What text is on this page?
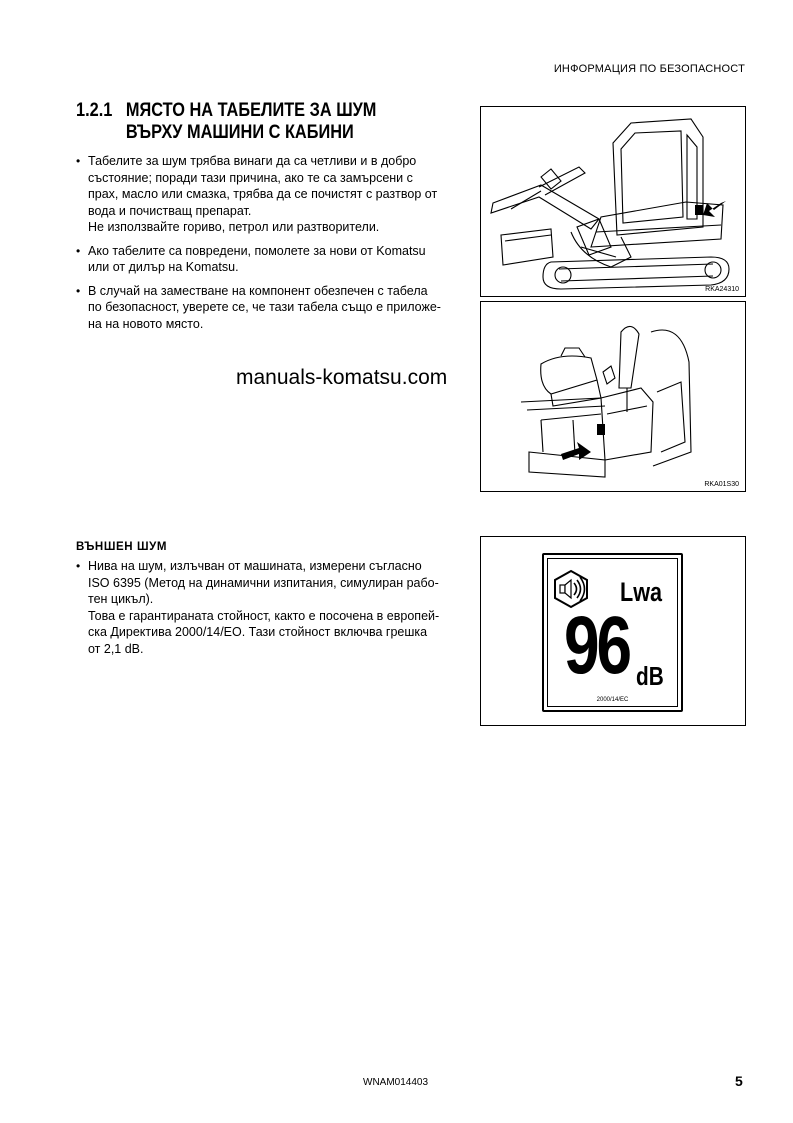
ИНФОРМАЦИЯ ПО БЕЗОПАСНОСТ
1.2.1 МЯСТО НА ТАБЕЛИТЕ ЗА ШУМ
ВЪРХУ МАШИНИ С КАБИНИ
• Табелите за шум трябва винаги да са четливи и в добро
състояние; поради тази причина, ако те са замърсени с
прах, масло или смазка, трябва да се почистят с разтвор от
вода и почистващ препарат.
Не използвайте гориво, петрол или разтворители.
• Ако табелите са повредени, помолете за нови от Komatsu
или от дилър на Komatsu.
• В случай на заместване на компонент обезпечен с табела
по безопасност, уверете се, че тази табела също е приложе-
на на новото място.
RKA24310
RKA01S30
manuals-komatsu.com
ВЪНШЕН ШУМ
• Нива на шум, излъчван от машината, измерени съгласно
ISO 6395 (Метод на динамични изпитания, симулиран рабо-
тен цикъл).
Това е гарантираната стойност, както е посочена в европей-
ска Директива 2000/14/EO. Тази стойност включва грешка
от 2,1 dB.
Lwa
96 dB
2000/14/EC
WNAM014403	5
